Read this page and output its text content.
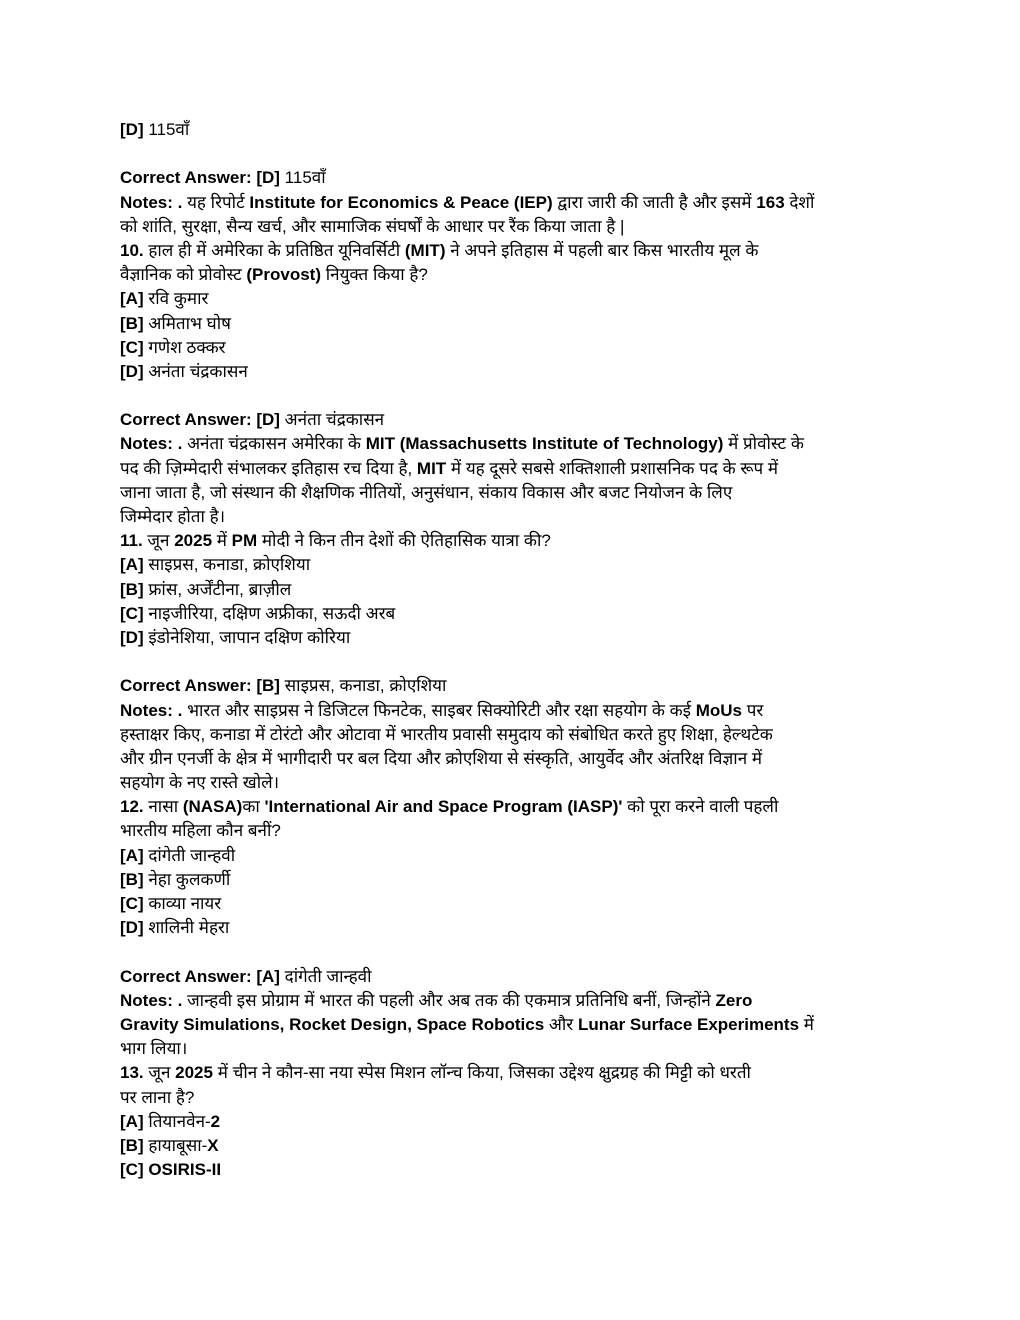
[D] 115वाँ
Correct Answer: [D] 115वाँ
Notes: . यह रिपोर्ट Institute for Economics & Peace (IEP) द्वारा जारी की जाती है और इसमें 163 देशों
को शांति, सुरक्षा, सैन्य खर्च, और सामाजिक संघर्षों के आधार पर रैंक किया जाता है |
10. हाल ही में अमेरिका के प्रतिष्ठित यूनिवर्सिटी (MIT) ने अपने इतिहास में पहली बार किस भारतीय मूल के
वैज्ञानिक को प्रोवोस्ट (Provost) नियुक्त किया है?
[A] रवि कुमार
[B] अमिताभ घोष
[C] गणेश ठक्कर
[D] अनंता चंद्रकासन
Correct Answer: [D] अनंता चंद्रकासन
Notes: . अनंता चंद्रकासन अमेरिका के MIT (Massachusetts Institute of Technology) में प्रोवोस्ट के
पद की ज़िम्मेदारी संभालकर इतिहास रच दिया है, MIT में यह दूसरे सबसे शक्तिशाली प्रशासनिक पद के रूप में
जाना जाता है, जो संस्थान की शैक्षणिक नीतियों, अनुसंधान, संकाय विकास और बजट नियोजन के लिए
जिम्मेदार होता है।
11. जून 2025 में PM मोदी ने किन तीन देशों की ऐतिहासिक यात्रा की?
[A] साइप्रस, कनाडा, क्रोएशिया
[B] फ्रांस, अर्जेंटीना, ब्राज़ील
[C] नाइजीरिया, दक्षिण अफ्रीका, सऊदी अरब
[D] इंडोनेशिया, जापान दक्षिण कोरिया
Correct Answer: [B] साइप्रस, कनाडा, क्रोएशिया
Notes: . भारत और साइप्रस ने डिजिटल फिनटेक, साइबर सिक्योरिटी और रक्षा सहयोग के कई MoUs पर
हस्ताक्षर किए, कनाडा में टोरंटो और ओटावा में भारतीय प्रवासी समुदाय को संबोधित करते हुए शिक्षा, हेल्थटेक
और ग्रीन एनर्जी के क्षेत्र में भागीदारी पर बल दिया और क्रोएशिया से संस्कृति, आयुर्वेद और अंतरिक्ष विज्ञान में
सहयोग के नए रास्ते खोले।
12. नासा (NASA)का 'International Air and Space Program (IASP)' को पूरा करने वाली पहली
भारतीय महिला कौन बनीं?
[A] दांगेती जान्हवी
[B] नेहा कुलकर्णी
[C] काव्या नायर
[D] शालिनी मेहरा
Correct Answer: [A] दांगेती जान्हवी
Notes: . जान्हवी इस प्रोग्राम में भारत की पहली और अब तक की एकमात्र प्रतिनिधि बनीं, जिन्होंने Zero
Gravity Simulations, Rocket Design, Space Robotics और Lunar Surface Experiments में
भाग लिया।
13. जून 2025 में चीन ने कौन-सा नया स्पेस मिशन लॉन्च किया, जिसका उद्देश्य क्षुद्रग्रह की मिट्टी को धरती
पर लाना है?
[A] तियानवेन-2
[B] हायाबूसा-X
[C] OSIRIS-II
